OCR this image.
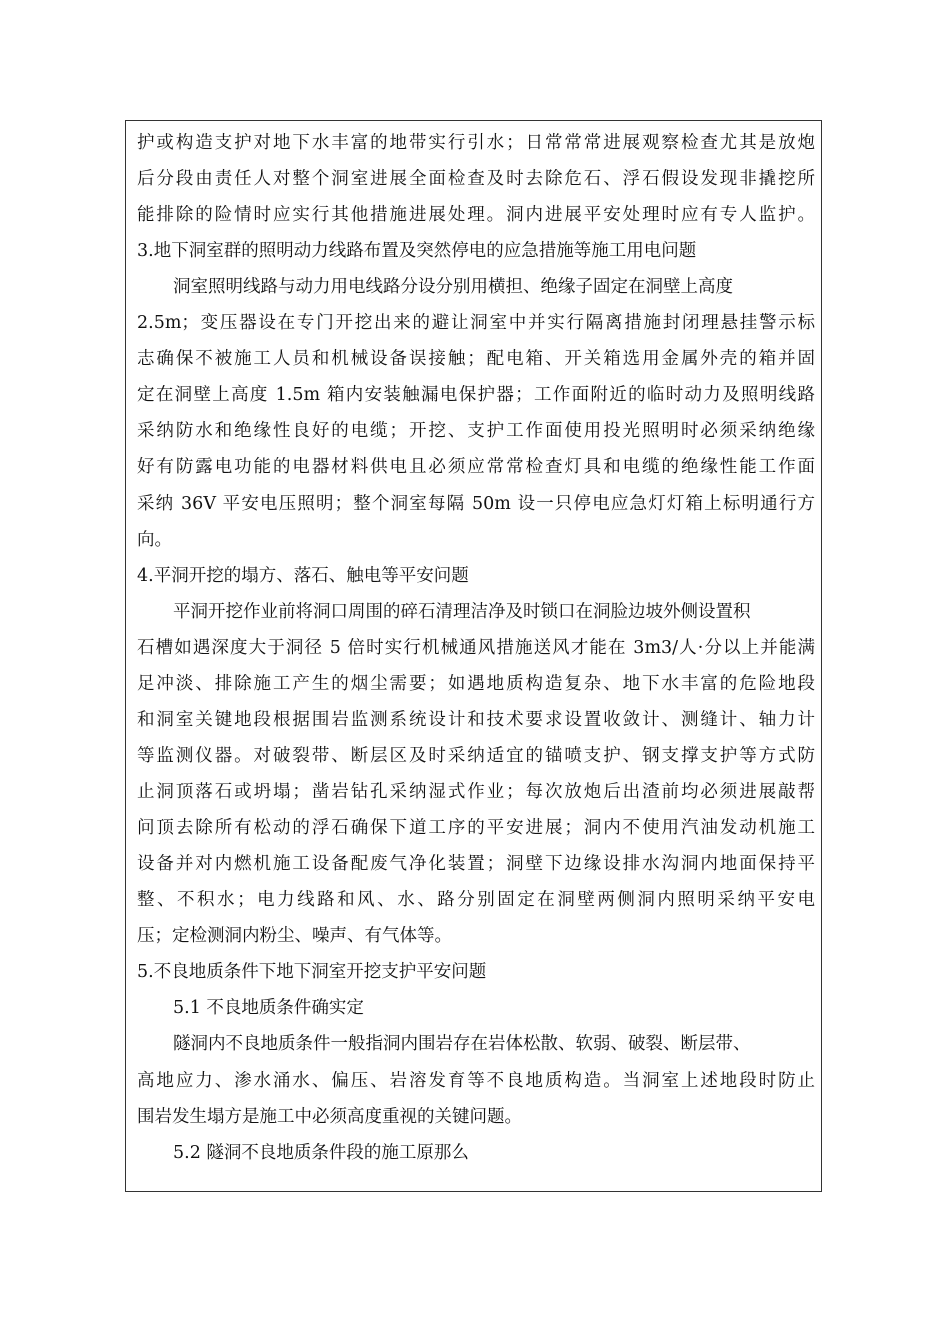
护或构造支护对地下水丰富的地带实行引水；日常常常进展观察检查尤其是放炮
后分段由责任人对整个洞室进展全面检查及时去除危石、浮石假设发现非撬挖所
能排除的险情时应实行其他措施进展处理。洞内进展平安处理时应有专人监护。
3.地下洞室群的照明动力线路布置及突然停电的应急措施等施工用电问题
洞室照明线路与动力用电线路分设分别用横担、绝缘子固定在洞壁上高度
2.5m；变压器设在专门开挖出来的避让洞室中并实行隔离措施封闭理悬挂警示标
志确保不被施工人员和机械设备误接触；配电箱、开关箱选用金属外壳的箱并固
定在洞壁上高度 1.5m 箱内安装触漏电保护器；工作面附近的临时动力及照明线路
采纳防水和绝缘性良好的电缆；开挖、支护工作面使用投光照明时必须采纳绝缘
好有防露电功能的电器材料供电且必须应常常检查灯具和电缆的绝缘性能工作面
采纳 36V 平安电压照明；整个洞室每隔 50m 设一只停电应急灯灯箱上标明通行方
向。
4.平洞开挖的塌方、落石、触电等平安问题
平洞开挖作业前将洞口周围的碎石清理洁净及时锁口在洞脸边坡外侧设置积
石槽如遇深度大于洞径 5 倍时实行机械通风措施送风才能在 3m3/人·分以上并能满
足冲淡、排除施工产生的烟尘需要；如遇地质构造复杂、地下水丰富的危险地段
和洞室关键地段根据围岩监测系统设计和技术要求设置收敛计、测缝计、轴力计
等监测仪器。对破裂带、断层区及时采纳适宜的锚喷支护、钢支撑支护等方式防
止洞顶落石或坍塌；凿岩钻孔采纳湿式作业；每次放炮后出渣前均必须进展敲帮
问顶去除所有松动的浮石确保下道工序的平安进展；洞内不使用汽油发动机施工
设备并对内燃机施工设备配废气净化装置；洞壁下边缘设排水沟洞内地面保持平
整、不积水；电力线路和风、水、路分别固定在洞壁两侧洞内照明采纳平安电
压；定检测洞内粉尘、噪声、有气体等。
5.不良地质条件下地下洞室开挖支护平安问题
5.1 不良地质条件确实定
隧洞内不良地质条件一般指洞内围岩存在岩体松散、软弱、破裂、断层带、
高地应力、渗水涌水、偏压、岩溶发育等不良地质构造。当洞室上述地段时防止
围岩发生塌方是施工中必须高度重视的关键问题。
5.2 隧洞不良地质条件段的施工原那么
